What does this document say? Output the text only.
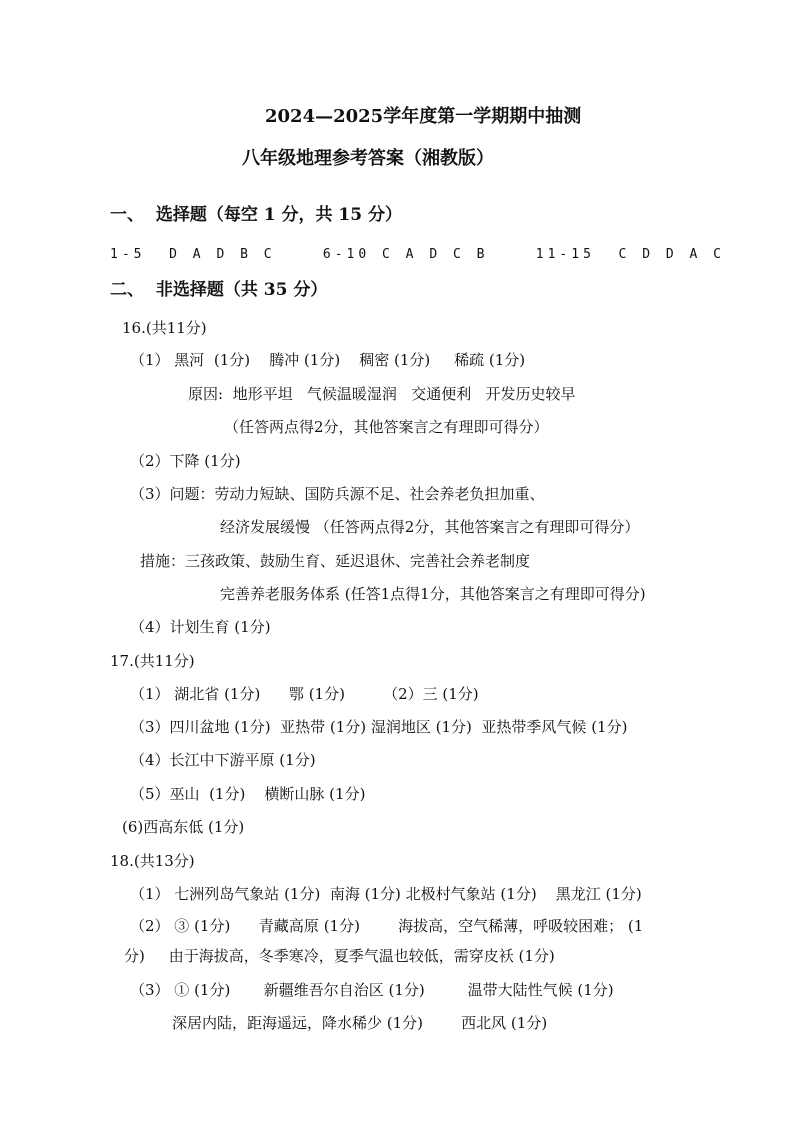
2024—2025学年度第一学期期中抽测
八年级地理参考答案（湘教版）
一、  选择题（每空 1 分，共 15 分）
1-5  D A D B C    6-10 C A D C B    11-15  C D D A C
二、  非选择题（共 35 分）
16.(共11分)
（1） 黑河  (1分)    腾冲 (1分)    稠密 (1分)     稀疏 (1分)
原因:  地形平坦   气候温暖湿润   交通便利   开发历史较早
（任答两点得2分，其他答案言之有理即可得分）
（2）下降 (1分)
（3）问题：劳动力短缺、国防兵源不足、社会养老负担加重、
经济发展缓慢 （任答两点得2分，其他答案言之有理即可得分）
措施：三孩政策、鼓励生育、延迟退休、完善社会养老制度
完善养老服务体系 (任答1点得1分，其他答案言之有理即可得分)
（4）计划生育 (1分)
17.(共11分)
（1） 湖北省 (1分)      鄂 (1分)        （2）三 (1分)
（3）四川盆地 (1分)  亚热带 (1分) 湿润地区 (1分)  亚热带季风气候 (1分)
（4）长江中下游平原 (1分)
（5）巫山  (1分)    横断山脉 (1分)
(6)西高东低 (1分)
18.(共13分)
（1） 七洲列岛气象站 (1分)  南海 (1分) 北极村气象站 (1分)    黑龙江 (1分)
（2） ③ (1分)      青藏高原 (1分)        海拔高，空气稀薄，呼吸较困难； (1
分)     由于海拔高，冬季寒冷，夏季气温也较低，需穿皮袄 (1分)
（3） ① (1分)       新疆维吾尔自治区 (1分)         温带大陆性气候 (1分)
深居内陆，距海遥远，降水稀少 (1分)        西北风 (1分)
